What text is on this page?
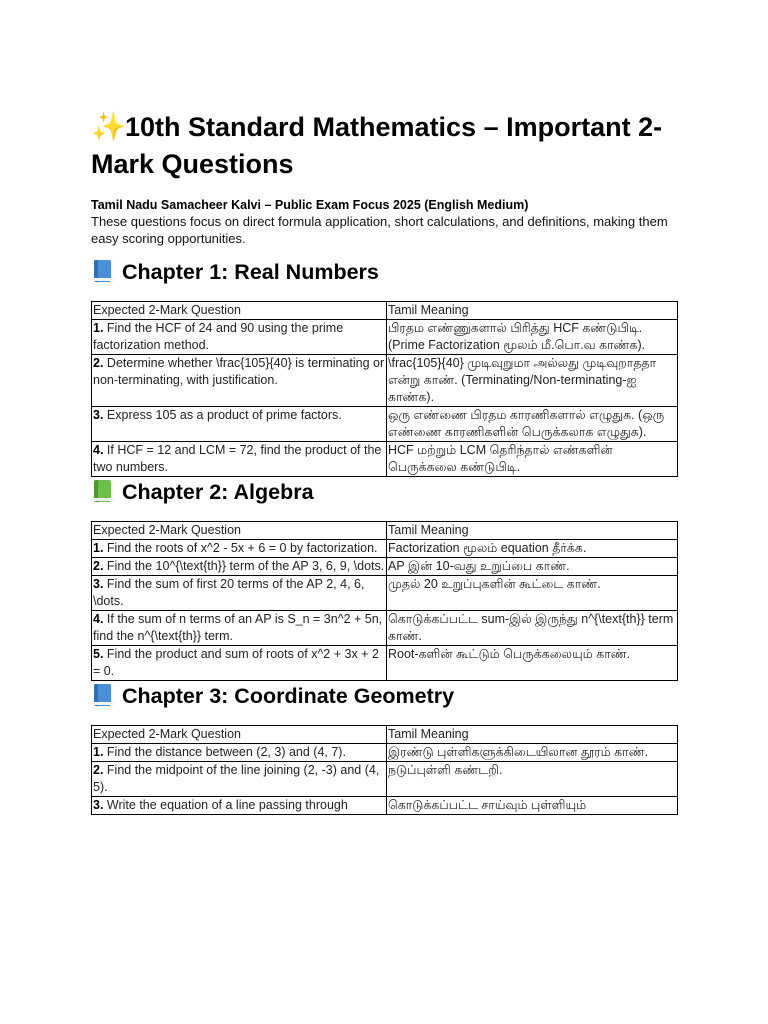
✨10th Standard Mathematics – Important 2-Mark Questions

Tamil Nadu Samacheer Kalvi – Public Exam Focus 2025 (English Medium)

These questions focus on direct formula application, short calculations, and definitions, making them easy scoring opportunities.

Chapter 1: Real Numbers
Expected 2-Mark Question	Tamil Meaning
1. Find the HCF of 24 and 90 using the prime factorization method.	பிரதம எண்ணுகளால் பிரித்து HCF கண்டுபிடி. (Prime Factorization மூலம் மீ.பொ.வ காண்க).
2. Determine whether \frac{105}{40} is terminating or non-terminating, with justification.	\frac{105}{40} முடிவுறுமா அல்லது முடிவுறாததா என்று காண். (Terminating/Non-terminating-ஐ காண்க).
3. Express 105 as a product of prime factors.	ஒரு எண்ணை பிரதம காரணிகளால் எழுதுக. (ஒரு எண்ணை காரணிகளின் பெருக்கலாக எழுதுக).
4. If HCF = 12 and LCM = 72, find the product of the two numbers.	HCF மற்றும் LCM தெரிந்தால் எண்களின் பெருக்கலை கண்டுபிடி.
Chapter 2: Algebra
Expected 2-Mark Question	Tamil Meaning
1. Find the roots of x^2 - 5x + 6 = 0 by factorization.	Factorization மூலம் equation தீர்க்க.
2. Find the 10^{\text{th}} term of the AP 3, 6, 9, \dots.	AP இன் 10-வது உறுப்பை காண்.
3. Find the sum of first 20 terms of the AP 2, 4, 6, \dots.	முதல் 20 உறுப்புகளின் கூட்டை காண்.
4. If the sum of n terms of an AP is S_n = 3n^2 + 5n, find the n^{\text{th}} term.	கொடுக்கப்பட்ட sum-இல் இருந்து n^{\text{th}} term காண்.
5. Find the product and sum of roots of x^2 + 3x + 2 = 0.	Root-களின் கூட்டும் பெருக்கலையும் காண்.
Chapter 3: Coordinate Geometry
Expected 2-Mark Question	Tamil Meaning
1. Find the distance between (2, 3) and (4, 7).	இரண்டு புள்ளிகளுக்கிடையிலான தூரம் காண்.
2. Find the midpoint of the line joining (2, -3) and (4, 5).	நடுப்புள்ளி கண்டறி.
3. Write the equation of a line passing through	கொடுக்கப்பட்ட சாய்வும் புள்ளியும்
